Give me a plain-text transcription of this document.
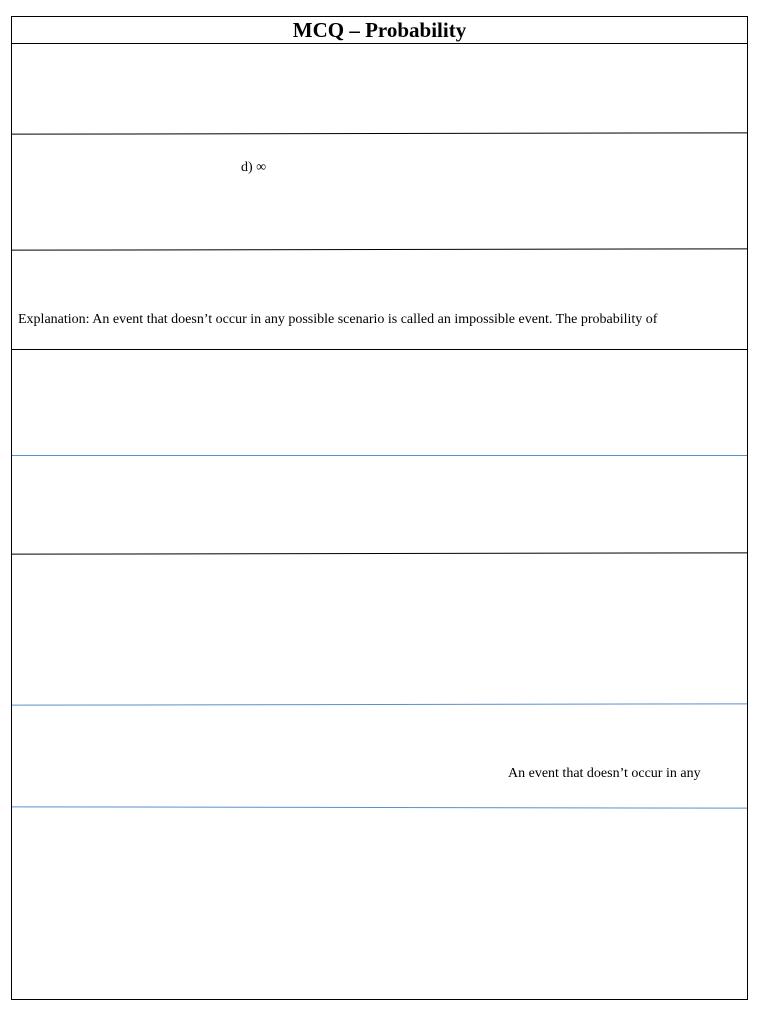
MCQ – Probability
d) ∞
Explanation: An event that doesn’t occur in any possible scenario is called an impossible event. The probability of
An event that doesn’t occur in any
